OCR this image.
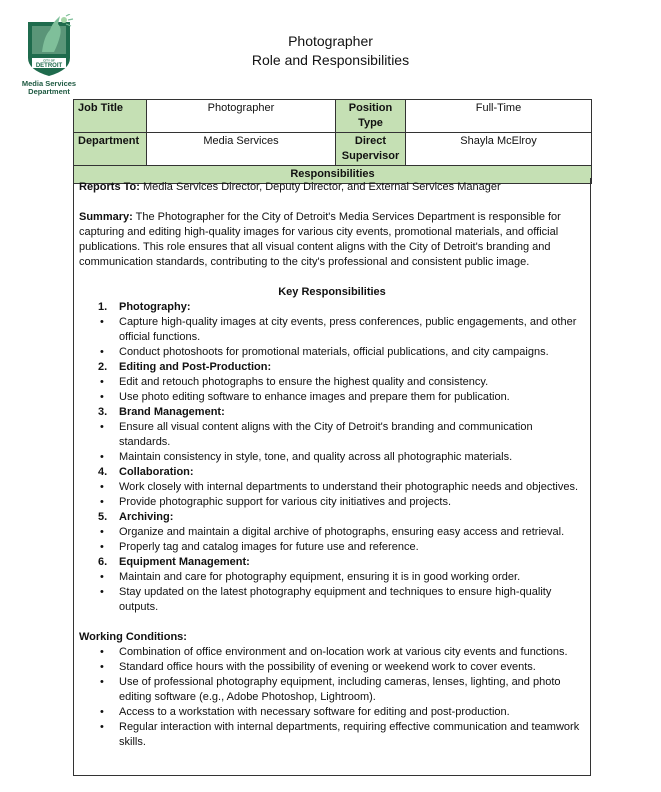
CITY OF
DETROIT
Media Services
Department
Photographer
Role and Responsibilities
Job Title	Photographer	Position Type	Full-Time
Department	Media Services	Direct Supervisor	Shayla McElroy
Responsibilities			

Reports To: Media Services Director, Deputy Director, and External Services Manager

Summary: The Photographer for the City of Detroit's Media Services Department is responsible for capturing and editing high-quality images for various city events, promotional materials, and official publications. This role ensures that all visual content aligns with the City of Detroit's branding and communication standards, contributing to the city's professional and consistent public image.

Key Responsibilities

1. Photography:
• Capture high-quality images at city events, press conferences, public engagements, and other official functions.
• Conduct photoshoots for promotional materials, official publications, and city campaigns.
2. Editing and Post-Production:
• Edit and retouch photographs to ensure the highest quality and consistency.
• Use photo editing software to enhance images and prepare them for publication.
3. Brand Management:
• Ensure all visual content aligns with the City of Detroit's branding and communication standards.
• Maintain consistency in style, tone, and quality across all photographic materials.
4. Collaboration:
• Work closely with internal departments to understand their photographic needs and objectives.
• Provide photographic support for various city initiatives and projects.
5. Archiving:
• Organize and maintain a digital archive of photographs, ensuring easy access and retrieval.
• Properly tag and catalog images for future use and reference.
6. Equipment Management:
• Maintain and care for photography equipment, ensuring it is in good working order.
• Stay updated on the latest photography equipment and techniques to ensure high-quality outputs.

Working Conditions:

• Combination of office environment and on-location work at various city events and functions.
• Standard office hours with the possibility of evening or weekend work to cover events.
• Use of professional photography equipment, including cameras, lenses, lighting, and photo editing software (e.g., Adobe Photoshop, Lightroom).
• Access to a workstation with necessary software for editing and post-production.
• Regular interaction with internal departments, requiring effective communication and teamwork skills.
